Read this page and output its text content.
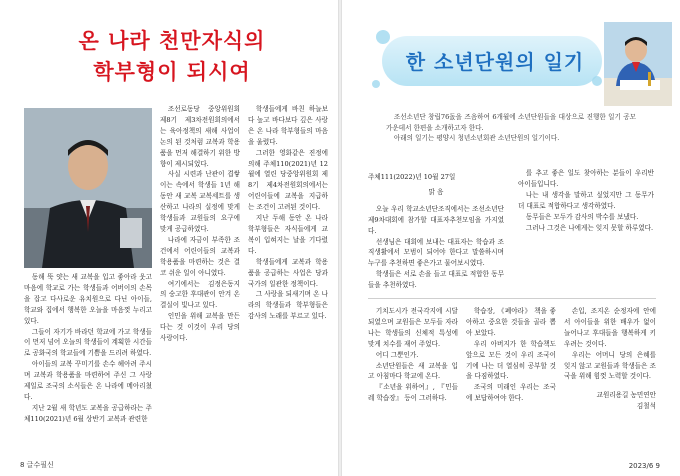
온 나라 천만자식의
학부형이 되시여

동해 뚝 얏는 새 교복을 입고 좋아라 웃고 마음에 학교로 가는 학생들과 어버이의 손목을 잡고 다사로운 유치원으로 다닌 아이들, 학교와 집에서 행복한 오늘을 마음껏 누리고 있다.

그들이 자기가 바라던 학교에 가고 학생들이 먼저 넘어 오늘의 학생들이 계획한 시간들로 공화국의 학교들에 기쁨을 드리려 하였다.

아이들의 교복 꾸미기를 손수 헤아려 주시며 교복과 학용품을 마련하여 주신 그 사랑 제일로 조국의 소식들은 온 나라에 메아리쳤다.

지난 2월 새 학년도 교복을 공급하라는 주체110(2021)년 6월 상반기 교복과 관련한

조선로동당 중앙위원회 제8기 제3차전원회의에서는 육아정책의 새해 사업이 논의 된 것처럼 교복과 학용품을 먼저 해결하기 위한 방향이 제시되었다.

사실 시련과 난관이 겹쌓이는 속에서 학생들 1년 해 동안 새 교복 교복세트를 생산하고 나라의 실정에 맞게 학생들과 교원들의 요구에 맞게 공급하였다.

나라에 자금이 부족한 조건에서 어린이들의 교복과 학용품을 마련하는 것은 결코 쉬운 일이 아니였다.

여기에서는 김정은동지의 숭고한 후대관이 안겨 온 결실이 빛나고 있다.

인민을 위해 교복을 만든다는 것 이것이 우리 당의 사랑이다.

학생들에게 바친 하늘보다 높고 바다보다 깊은 사랑은 온 나라 학부형들의 마음을 울렸다.

그러한 영화같은 진정에 의해 주체110(2021)년 12월에 열린 당중앙위원회 제8기 제4차전원회의에서는 어린이들에 교복을 지급하는 조건이 고려된 것이다.

지난 두해 동안 온 나라 학부형들은 자식들에게 교복이 입혀지는 날을 기다렸다.

학생들에게 교복과 학용품을 공급하는 사업은 당과 국가의 일관한 정책이다.

그 사랑을 되새기며 온 나라의 학생들과 학부형들은 감사의 노래를 부르고 있다.

8 글수필신
한 소년단원의 일기

조선소년단 창립76돐을 즈음하여 6개월에 소년단원들을 대상으로 진행한 일기 공모 가운데서 한편을 소개하고자 한다.

아래의 일기는 평양시 청년소년회관 소년단원의 일기이다.

주체111(2022)년 10월 27일

맑 음

오늘 우리 학교소년단조직에서는 조선소년단 제9차대회에 참가할 대표자추천모임을 가지였다.

선생님은 대회에 보내는 대표자는 학습과 조직생활에서 모범이 되어야 한다고 말씀하시며 누구를 추천하면 좋은가고 물어보시였다.

학생들은 서로 손을 들고 대표로 적합한 동무들을 추천하였다.

를 추고 좋은 일도 찾아하는 분들이 우리반 아이들입니다.

나는 내 생각을 말하고 싶었지만 그 동무가 더 대표로 적합하다고 생각하였다.

동무들은 모두가 감사의 박수를 보냈다.

그러나 그것은 나에게는 잊지 못할 하루였다.

기치도시가 전국각지에 시달되였으며 교원들은 모두들 자라나는 학생들의 신체적 특성에 맞게 치수를 재어 주었다.

어디 그뿐인가.

소년단원들은 새 교복을 입고 아침마다 학교에 온다.

『소년을 위하여』, 『민들레 학습장』 등이 그러하다.

학습장, 《폐야라》 책을 좋아하고 중요한 것들을 골라 뽑아 보았다.

우리 아버지가 한 학습책도 앞으로 모든 것이 우리 조국이기에 나는 더 열심히 공부할 것을 다짐하였다.

조국의 미래인 우리는 조국에 보답하여야 한다.

손입, 조지온 순정자에 안에서 아이들을 위한 배우가 없이 늘어나고 후대들을 행복하게 키우려는 것이다.

우리는 어머니 당의 은혜를 잊지 않고 교원들과 학생들은 조국을 위해 힘껏 노력할 것이다.

교원리용길 농민연안

김철석

2023/6 9
